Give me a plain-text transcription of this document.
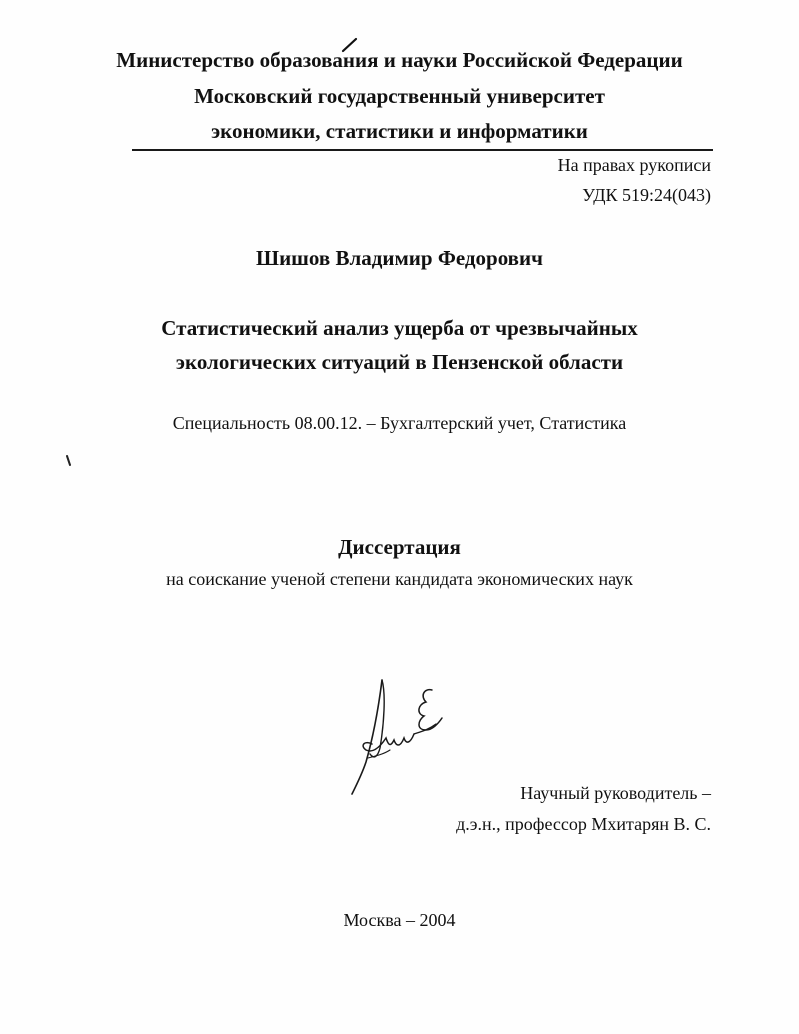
Министерство образования и науки Российской Федерации
Московский государственный университет
экономики, статистики и информатики
На правах рукописи
УДК 519:24(043)
Шишов Владимир Федорович
Статистический анализ ущерба от чрезвычайных
экологических ситуаций в Пензенской области
Специальность 08.00.12. – Бухгалтерский учет, Статистика
Диссертация
на соискание ученой степени кандидата экономических наук
Научный руководитель –
д.э.н., профессор Мхитарян В. С.
Москва – 2004
